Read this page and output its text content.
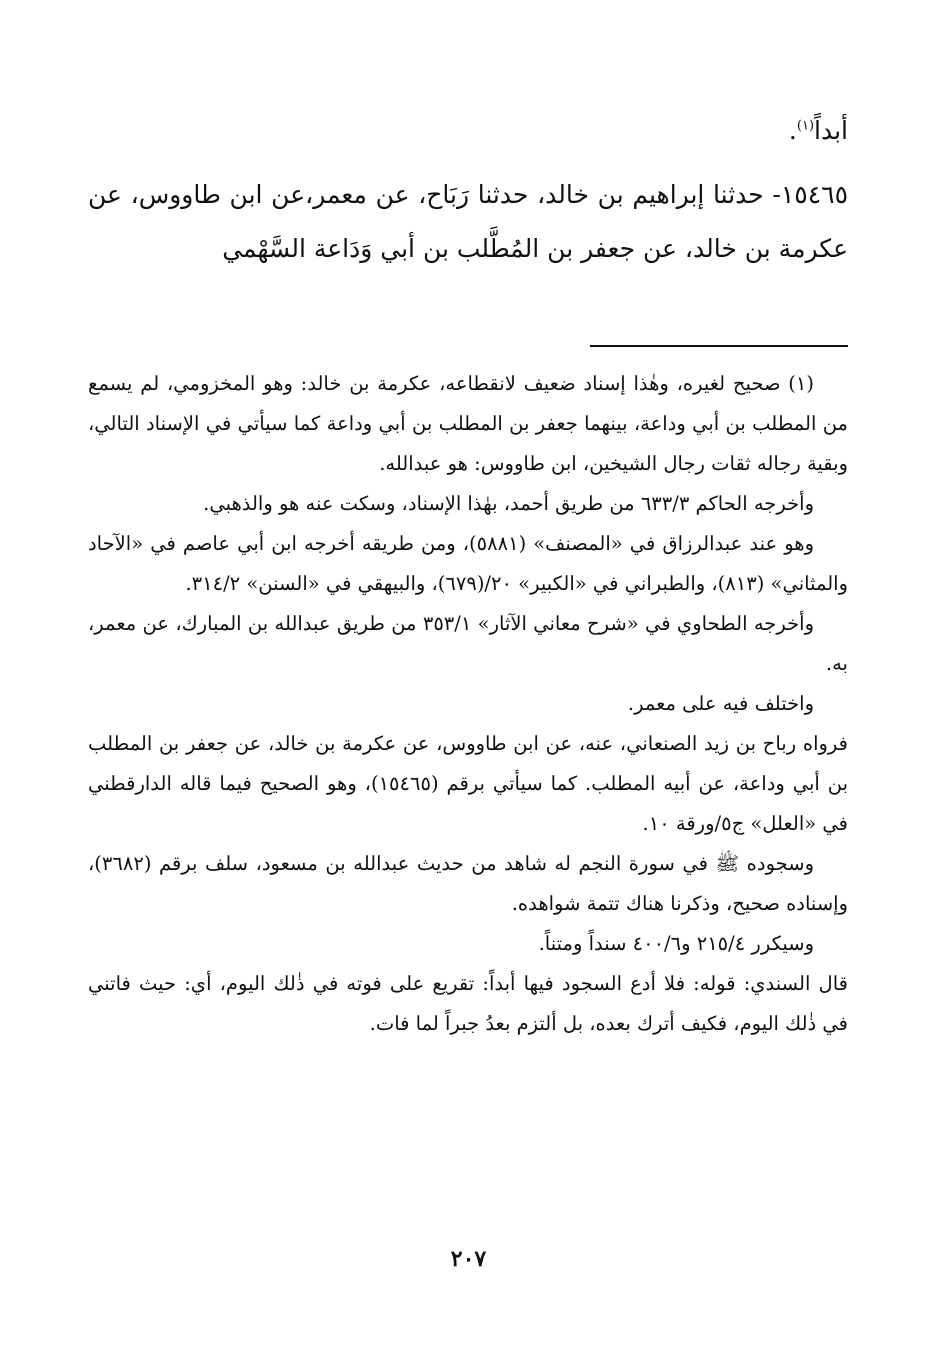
أبداً$^{(١)}$.

١٥٤٦٥- حدثنا إبراهيم بن خالد، حدثنا رَبَاح، عن معمر،عن ابن طاووس، عن عكرمة بن خالد، عن جعفر بن المُطَّلب بن أبي وَدَاعة السَّهْمي

(١) صحيح لغيره، وهٰذا إسناد ضعيف لانقطاعه، عكرمة بن خالد: وهو المخزومي، لم يسمع من المطلب بن أبي وداعة، بينهما جعفر بن المطلب بن أبي وداعة كما سيأتي في الإسناد التالي، وبقية رجاله ثقات رجال الشيخين، ابن طاووس: هو عبدالله.

وأخرجه الحاكم ٦٣٣/٣ من طريق أحمد، بهٰذا الإسناد، وسكت عنه هو والذهبي.

وهو عند عبدالرزاق في «المصنف» (٥٨٨١)، ومن طريقه أخرجه ابن أبي عاصم في «الآحاد والمثاني» (٨١٣)، والطبراني في «الكبير» ٢٠/(٦٧٩)، والبيهقي في «السنن» ٣١٤/٢.

وأخرجه الطحاوي في «شرح معاني الآثار» ٣٥٣/١ من طريق عبدالله بن المبارك، عن معمر، به.

واختلف فيه على معمر.

فرواه رباح بن زيد الصنعاني، عنه، عن ابن طاووس، عن عكرمة بن خالد، عن جعفر بن المطلب بن أبي وداعة، عن أبيه المطلب. كما سيأتي برقم (١٥٤٦٥)، وهو الصحيح فيما قاله الدارقطني في «العلل» ج٥/ورقة ١٠.

وسجوده ﷺ في سورة النجم له شاهد من حديث عبدالله بن مسعود، سلف برقم (٣٦٨٢)، وإسناده صحيح، وذكرنا هناك تتمة شواهده.

وسيكرر ٢١٥/٤ و٤٠٠/٦ سنداً ومتناً.

قال السندي: قوله: فلا أدع السجود فيها أبداً: تقريع على فوته في ذٰلك اليوم، أي: حيث فاتني في ذٰلك اليوم، فكيف أترك بعده، بل ألتزم بعدُ جبراً لما فات.

٢٠٧
